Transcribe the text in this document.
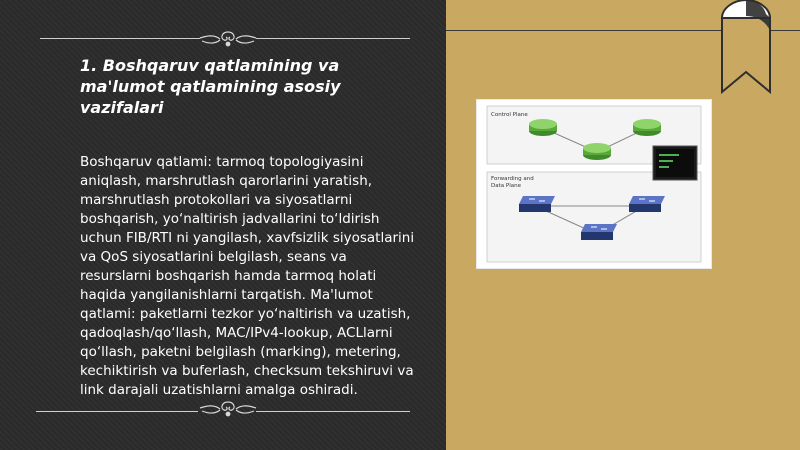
1. Boshqaruv qatlamining va ma'lumot qatlamining asosiy vazifalari

Boshqaruv qatlami: tarmoq topologiyasini aniqlash, marshrutlash qarorlarini yaratish, marshrutlash protokollari va siyosatlarni boshqarish, yo‘naltirish jadvallarini to‘ldirish uchun FIB/RTI ni yangilash, xavfsizlik siyosatlarini va QoS siyosatlarini belgilash, seans va resurslarni boshqarish hamda tarmoq holati haqida yangilanishlarni tarqatish. Ma'lumot qatlami: paketlarni tezkor yo‘naltirish va uzatish, qadoqlash/qo‘llash, MAC/IPv4-lookup, ACLlarni qo‘llash, paketni belgilash (marking), metering, kechiktirish va buferlash, checksum tekshiruvi va link darajali uzatishlarni amalga oshiradi.

Control Plane
Forwarding and
Data Plane
